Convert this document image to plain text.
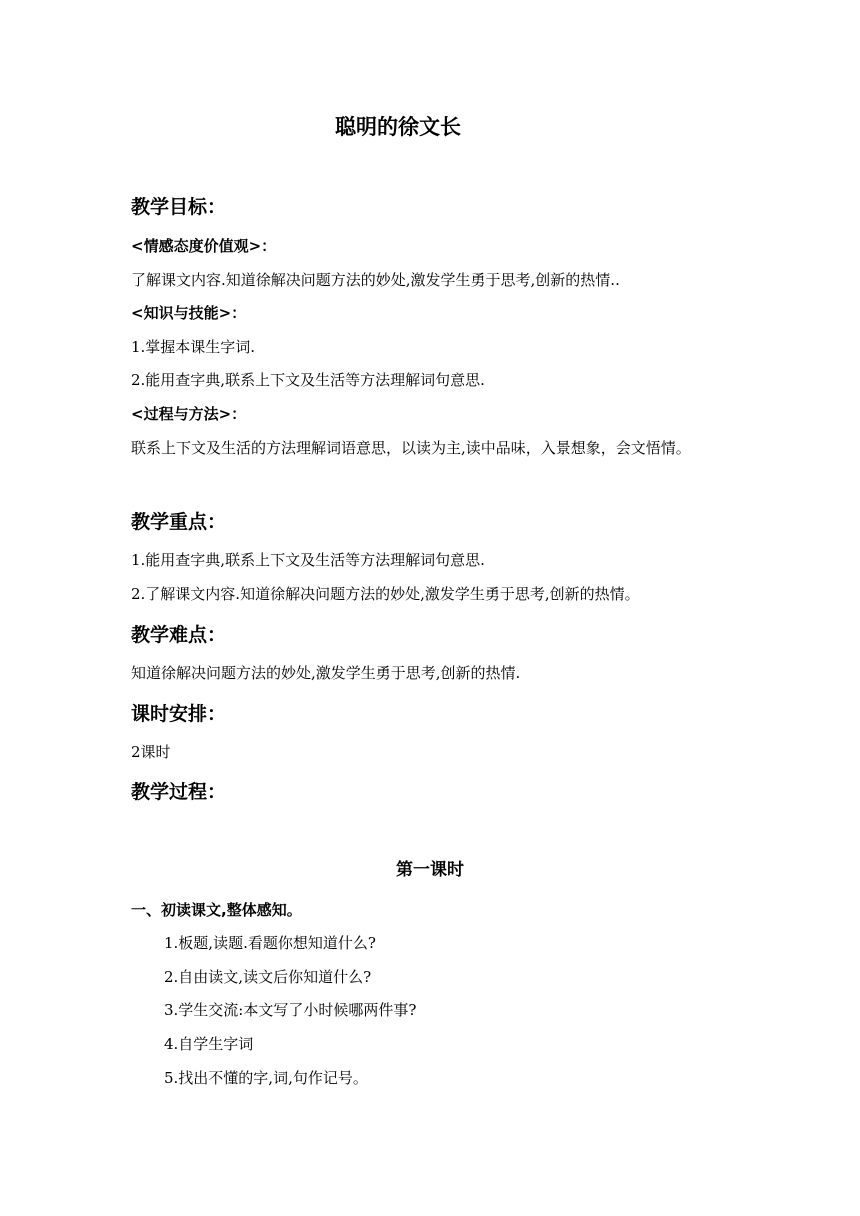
聪明的徐文长
教学目标：
<情感态度价值观>：
了解课文内容.知道徐解决问题方法的妙处,激发学生勇于思考,创新的热情..
<知识与技能>：
1.掌握本课生字词.
2.能用查字典,联系上下文及生活等方法理解词句意思.
<过程与方法>：
联系上下文及生活的方法理解词语意思，以读为主,读中品味，入景想象，会文悟情。
教学重点：
1.能用查字典,联系上下文及生活等方法理解词句意思.
2.了解课文内容.知道徐解决问题方法的妙处,激发学生勇于思考,创新的热情。
教学难点：
知道徐解决问题方法的妙处,激发学生勇于思考,创新的热情.
课时安排：
2课时
教学过程：
第一课时
一、初读课文,整体感知。
1.板题,读题.看题你想知道什么?
2.自由读文,读文后你知道什么?
3.学生交流:本文写了小时候哪两件事?
4.自学生字词
5.找出不懂的字,词,句作记号。
